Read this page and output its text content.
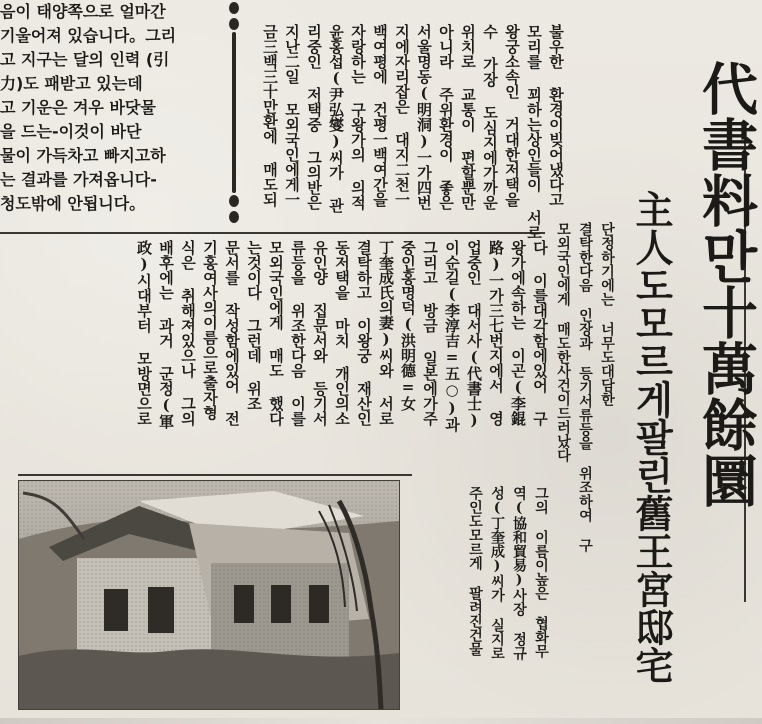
음이 태양쪽으로 얼마간
기울어져 있습니다。그리
고 지구는 달의 인력 (引
力)도 패받고 있는데
고 기운은 겨우 바닷물
을 드는-이것이 바단
물이 가득차고 빠지고하
는 결과를 가져옵니다-
청도밖에 안됩니다。	代書料만十萬餘圜
主人도모르게팔린舊王宮邸宅
불우한 환경이빚어냈다고
모리를 꾀하는상인들이 서로
왕궁소속인 거대한저택을
수 가장 도심지에가까운
위치로 교통이 편할뿐만
아니라 주위환경이 좋은
서울명동(明洞)一가四번
지에자리잡은 대지二천一
백여평에 건평一백여간을
자랑하는 구왕가의 의적
윤홍섭(尹弘燮)씨가 관
리중인 저택중 그의반은
지난二일 모외국인에게一
금三백三十만환에 매도되
단정하기에는 너무도대담한
결탁한다음 인장과 등기서류등을 위조하여 구
모외국인에게 매도한사건이드러났다
다 이를대각함에있어 구
왕가에속하는 이곤(李錕
路)一가三七번지에서 영
업중인 대서사(代書士)
이순길(李淳吉=五○)과
그리고 방금 일본에가주
중인홍명덕(洪明德=女
丁奎成氏의妻)씨와 서로
결탁하고 이왕궁 재산인
동저택을 마치 개인의소
유인양 집문서와 등기서
류등을 위조한다음 이를
모외국인에게 매도 했다
는것이다 그런데 위조
문서를 작성함에있어 전
기홍여사의이름으로출자형
식은 취해져있으나 그의
배후에는 과거 군정(軍
政)시대부터 모방면으로
그의 이름이높은 협화무
역(協和貿易)사장 정규
성(丁奎成)씨가 실지로
주인도모르게 팔려진건물
